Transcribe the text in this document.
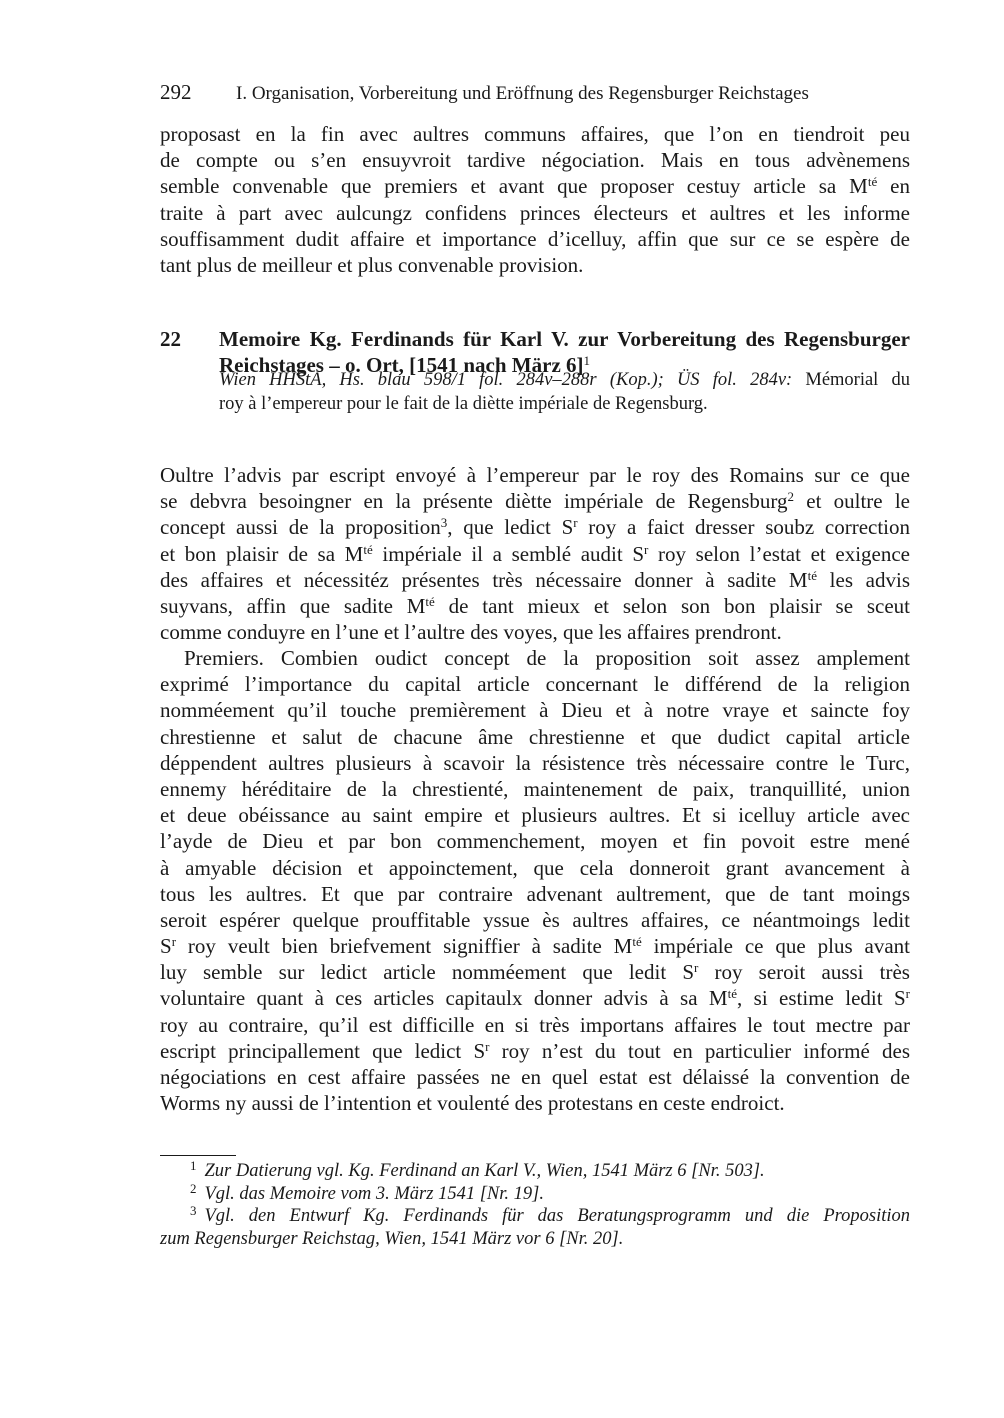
292 I. Organisation, Vorbereitung und Eröffnung des Regensburger Reichstages
proposast en la fin avec aultres communs affaires, que l’on en tiendroit peu
de compte ou s’en ensuyvroit tardive négociation. Mais en tous advènemens
semble convenable que premiers et avant que proposer cestuy article sa $M^{té}$ en
traite à part avec aulcungz confidens princes électeurs et aultres et les informe
souffisamment dudit affaire et importance d’icelluy, affin que sur ce se espère de
tant plus de meilleur et plus convenable provision.
22 Memoire Kg. Ferdinands für Karl V. zur Vorbereitung des Regensburger
Reichstages – o. Ort, [1541 nach März 6]$^1$
Wien HHStA, Hs. blau 598/1 fol. 284v–288r (Kop.); ÜS fol. 284v: Mémorial du
roy à l’empereur pour le fait de la diètte impériale de Regensburg.
Oultre l’advis par escript envoyé à l’empereur par le roy des Romains sur ce que
se debvra besoingner en la présente diètte impériale de Regensburg$^2$ et oultre le
concept aussi de la proposition$^3$, que ledict $S^r$ roy a faict dresser soubz correction
et bon plaisir de sa $M^{té}$ impériale il a semblé audit $S^r$ roy selon l’estat et exigence
des affaires et nécessitéz présentes très nécessaire donner à sadite $M^{té}$ les advis
suyvans, affin que sadite $M^{té}$ de tant mieux et selon son bon plaisir se sceut
comme conduyre en l’une et l’aultre des voyes, que les affaires prendront.
Premiers. Combien oudict concept de la proposition soit assez amplement
exprimé l’importance du capital article concernant le différend de la religion
nomméement qu’il touche premièrement à Dieu et à notre vraye et saincte foy
chrestienne et salut de chacune âme chrestienne et que dudict capital article
déppendent aultres plusieurs à scavoir la résistence très nécessaire contre le Turc,
ennemy héréditaire de la chrestienté, maintenement de paix, tranquillité, union
et deue obéissance au saint empire et plusieurs aultres. Et si icelluy article avec
l’ayde de Dieu et par bon commenchement, moyen et fin povoit estre mené
à amyable décision et appoinctement, que cela donneroit grant avancement à
tous les aultres. Et que par contraire advenant aultrement, que de tant moings
seroit espérer quelque prouffitable yssue ès aultres affaires, ce néantmoings ledit
$S^r$ roy veult bien briefvement signiffier à sadite $M^{té}$ impériale ce que plus avant
luy semble sur ledict article nomméement que ledit $S^r$ roy seroit aussi très
voluntaire quant à ces articles capitaulx donner advis à sa $M^{té}$, si estime ledit $S^r$
roy au contraire, qu’il est difficille en si très importans affaires le tout mectre par
escript principallement que ledict $S^r$ roy n’est du tout en particulier informé des
négociations en cest affaire passées ne en quel estat est délaissé la convention de
Worms ny aussi de l’intention et voulenté des protestans en ceste endroict.
$^1$ Zur Datierung vgl. Kg. Ferdinand an Karl V., Wien, 1541 März 6 [Nr. 503].
$^2$ Vgl. das Memoire vom 3. März 1541 [Nr. 19].
$^3$ Vgl. den Entwurf Kg. Ferdinands für das Beratungsprogramm und die Proposition
zum Regensburger Reichstag, Wien, 1541 März vor 6 [Nr. 20].
